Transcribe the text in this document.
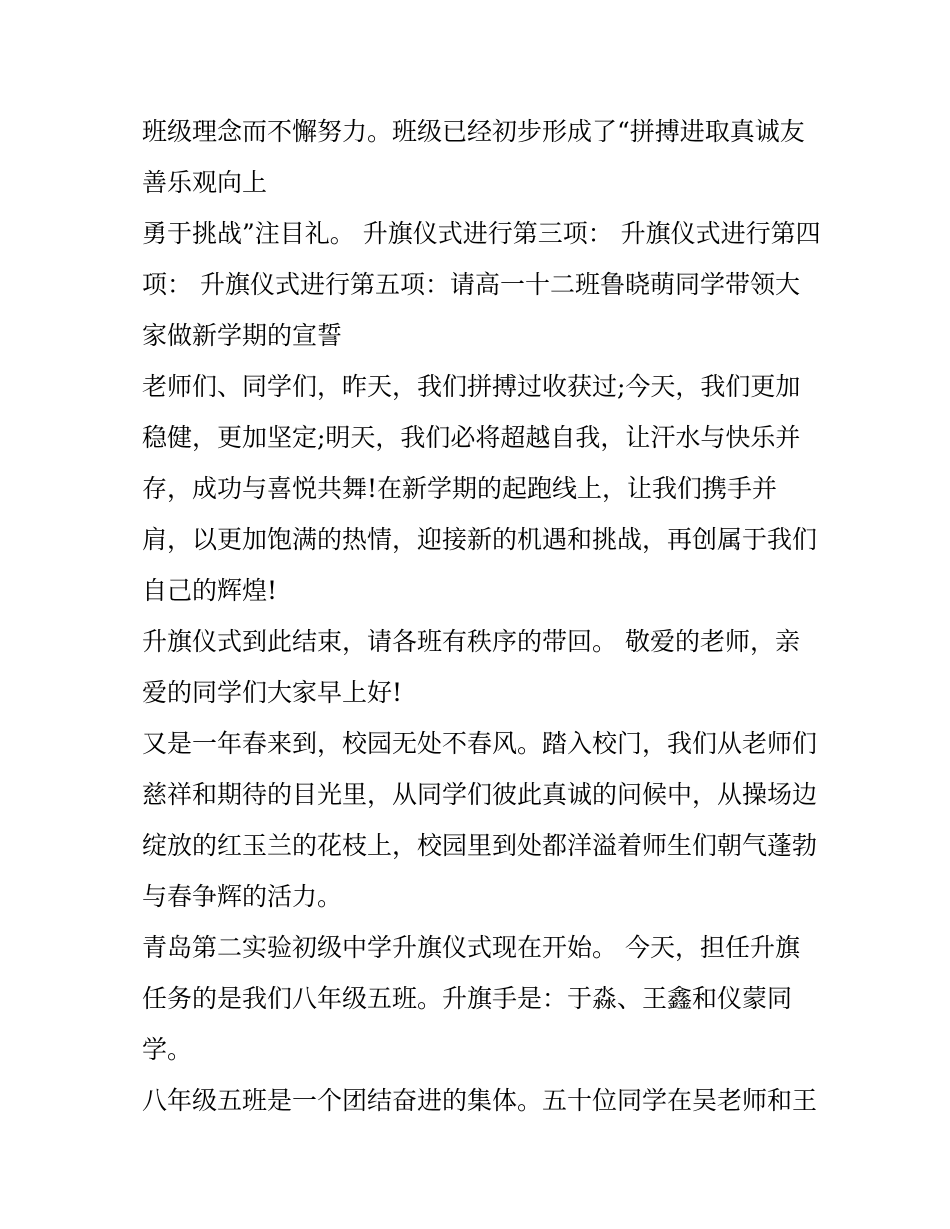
班级理念而不懈努力。班级已经初步形成了“拼搏进取真诚友
善乐观向上
勇于挑战”注目礼。 升旗仪式进行第三项： 升旗仪式进行第四
项： 升旗仪式进行第五项：请高一十二班鲁晓萌同学带领大
家做新学期的宣誓
老师们、同学们，昨天，我们拼搏过收获过;今天，我们更加
稳健，更加坚定;明天，我们必将超越自我，让汗水与快乐并
存，成功与喜悦共舞!在新学期的起跑线上，让我们携手并
肩，以更加饱满的热情，迎接新的机遇和挑战，再创属于我们
自己的辉煌!
升旗仪式到此结束，请各班有秩序的带回。 敬爱的老师，亲
爱的同学们大家早上好!
又是一年春来到，校园无处不春风。踏入校门，我们从老师们
慈祥和期待的目光里，从同学们彼此真诚的问候中，从操场边
绽放的红玉兰的花枝上，校园里到处都洋溢着师生们朝气蓬勃
与春争辉的活力。
青岛第二实验初级中学升旗仪式现在开始。 今天，担任升旗
任务的是我们八年级五班。升旗手是：于淼、王鑫和仪蒙同
学。
八年级五班是一个团结奋进的集体。五十位同学在吴老师和王
